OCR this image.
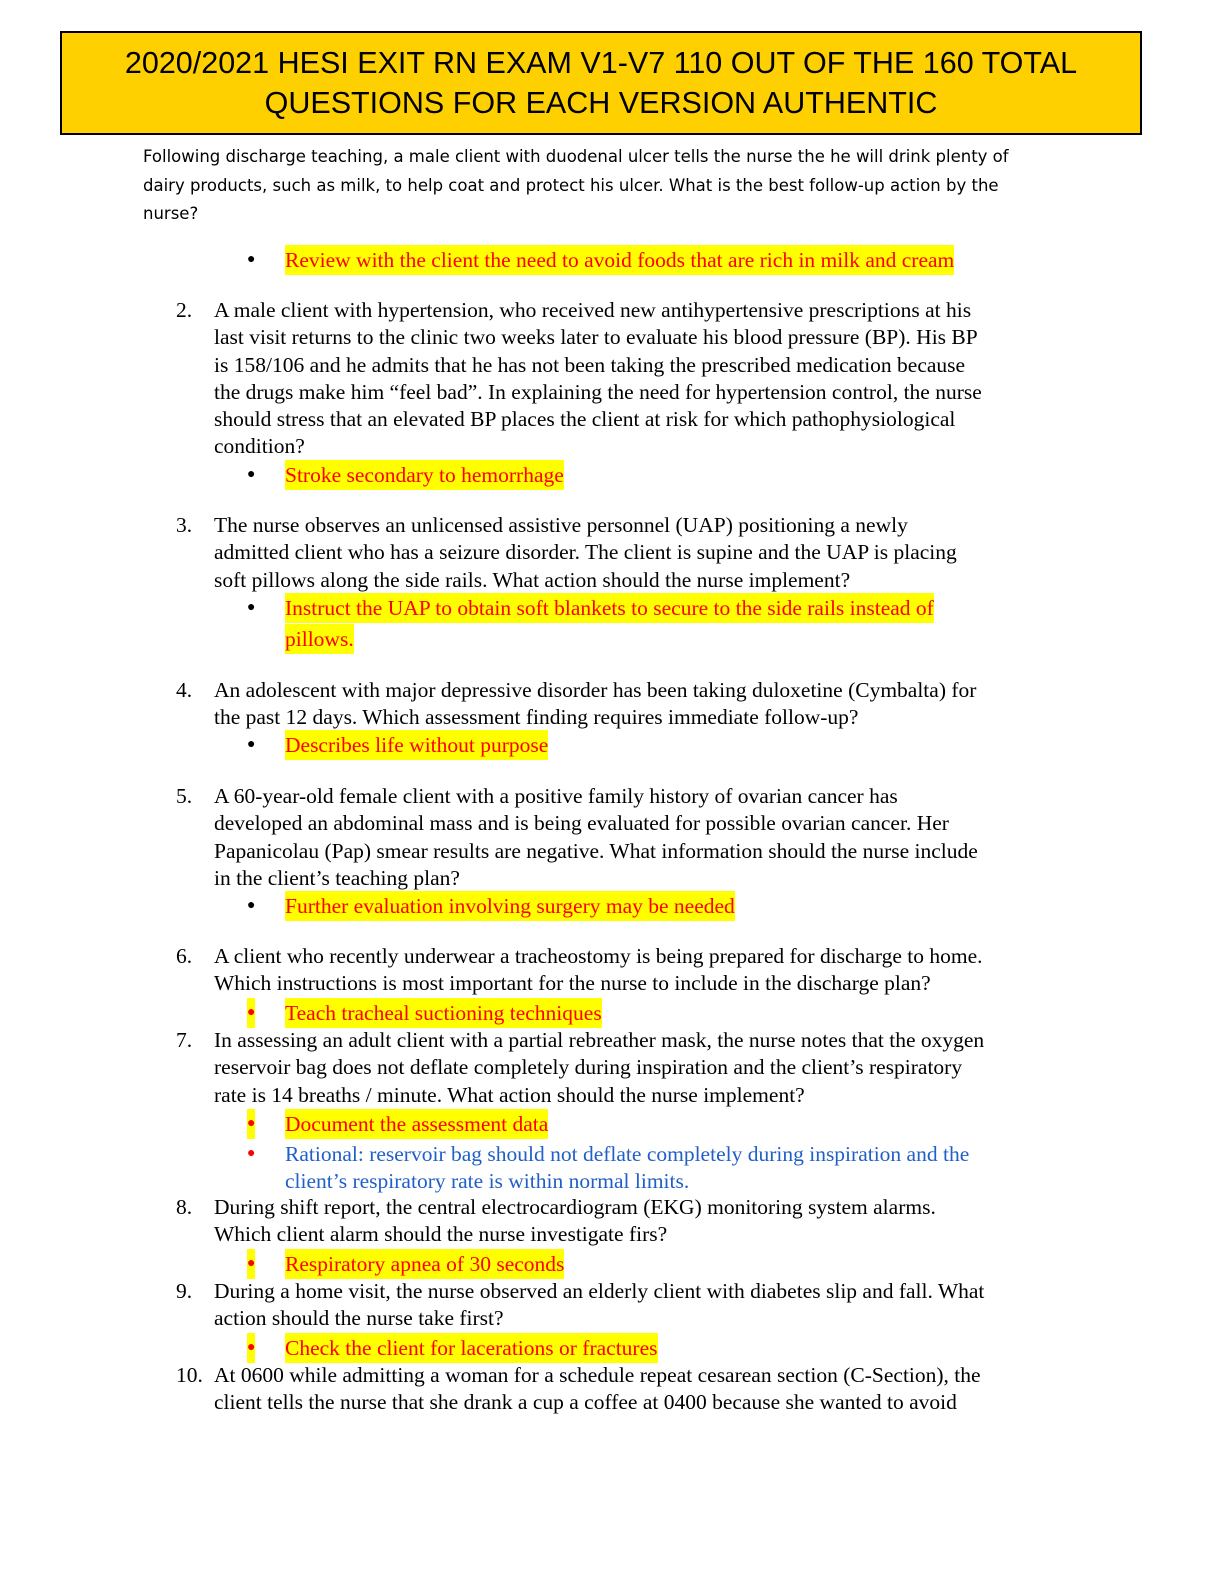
2020/2021 HESI EXIT RN EXAM V1-V7 110 OUT OF THE 160 TOTAL
QUESTIONS FOR EACH VERSION AUTHENTIC
Following discharge teaching, a male client with duodenal ulcer tells the nurse the he will drink plenty of
dairy products, such as milk, to help coat and protect his ulcer. What is the best follow-up action by the
nurse?
● Review with the client the need to avoid foods that are rich in milk and cream
2. A male client with hypertension, who received new antihypertensive prescriptions at his
last visit returns to the clinic two weeks later to evaluate his blood pressure (BP). His BP
is 158/106 and he admits that he has not been taking the prescribed medication because
the drugs make him “feel bad”. In explaining the need for hypertension control, the nurse
should stress that an elevated BP places the client at risk for which pathophysiological
condition?
● Stroke secondary to hemorrhage
3. The nurse observes an unlicensed assistive personnel (UAP) positioning a newly
admitted client who has a seizure disorder. The client is supine and the UAP is placing
soft pillows along the side rails. What action should the nurse implement?
● Instruct the UAP to obtain soft blankets to secure to the side rails instead of
pillows.
4. An adolescent with major depressive disorder has been taking duloxetine (Cymbalta) for
the past 12 days. Which assessment finding requires immediate follow-up?
● Describes life without purpose
5. A 60-year-old female client with a positive family history of ovarian cancer has
developed an abdominal mass and is being evaluated for possible ovarian cancer. Her
Papanicolau (Pap) smear results are negative. What information should the nurse include
in the client’s teaching plan?
● Further evaluation involving surgery may be needed
6. A client who recently underwear a tracheostomy is being prepared for discharge to home.
Which instructions is most important for the nurse to include in the discharge plan?
● Teach tracheal suctioning techniques
7. In assessing an adult client with a partial rebreather mask, the nurse notes that the oxygen
reservoir bag does not deflate completely during inspiration and the client’s respiratory
rate is 14 breaths / minute. What action should the nurse implement?
● Document the assessment data
● Rational: reservoir bag should not deflate completely during inspiration and the
client’s respiratory rate is within normal limits.
8. During shift report, the central electrocardiogram (EKG) monitoring system alarms.
Which client alarm should the nurse investigate firs?
● Respiratory apnea of 30 seconds
9. During a home visit, the nurse observed an elderly client with diabetes slip and fall. What
action should the nurse take first?
● Check the client for lacerations or fractures
10. At 0600 while admitting a woman for a schedule repeat cesarean section (C-Section), the
client tells the nurse that she drank a cup a coffee at 0400 because she wanted to avoid
